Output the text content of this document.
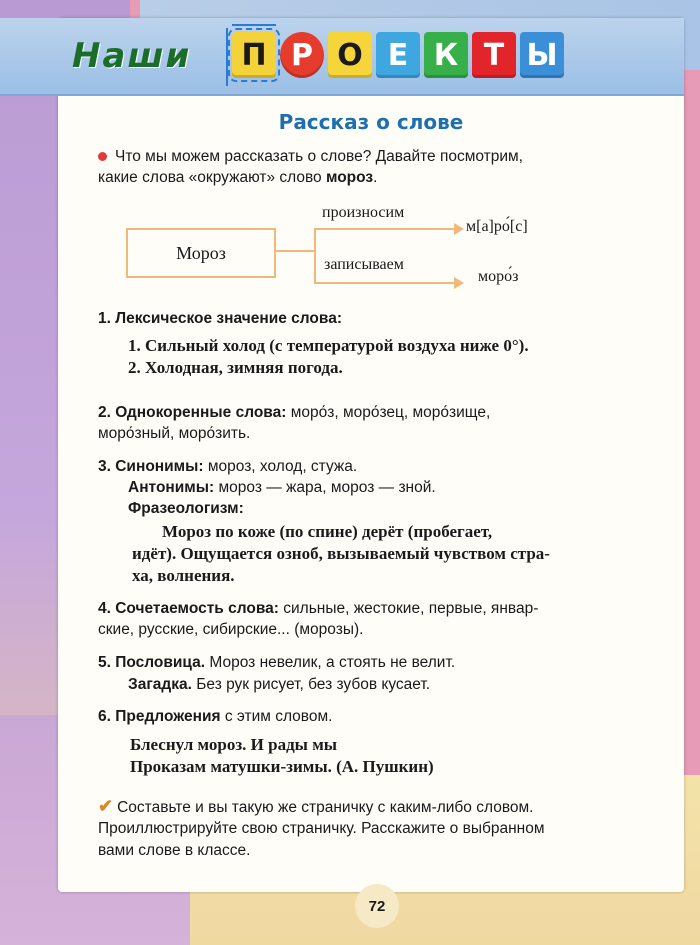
Наши	П Р О Е К Т Ы
Рассказ о слове
Что мы можем рассказать о слове? Давайте посмотрим,
какие слова «окружают» слово мороз.
Мороз
произносим
м[а]ро́[с]
записываем
моро́з
1. Лексическое значение слова:
1. Сильный холод (с температурой воздуха ниже 0°).
2. Холодная, зимняя погода.
2. Однокоренные слова: моро́з, моро́зец, моро́зище,
моро́зный, моро́зить.
3. Синонимы: мороз, холод, стужа.
Антонимы: мороз — жара, мороз — зной.
Фразеологизм:
Мороз по коже (по спине) дерёт (пробегает,
идёт). Ощущается озноб, вызываемый чувством стра-
ха, волнения.
4. Сочетаемость слова: сильные, жестокие, первые, январ-
ские, русские, сибирские... (морозы).
5. Пословица. Мороз невелик, а стоять не велит.
Загадка. Без рук рисует, без зубов кусает.
6. Предложения с этим словом.
Блеснул мороз. И рады мы
Проказам матушки-зимы. (А. Пушкин)
✔ Составьте и вы такую же страничку с каким-либо словом.
Проиллюстрируйте свою страничку. Расскажите о выбранном
вами слове в классе.
72
